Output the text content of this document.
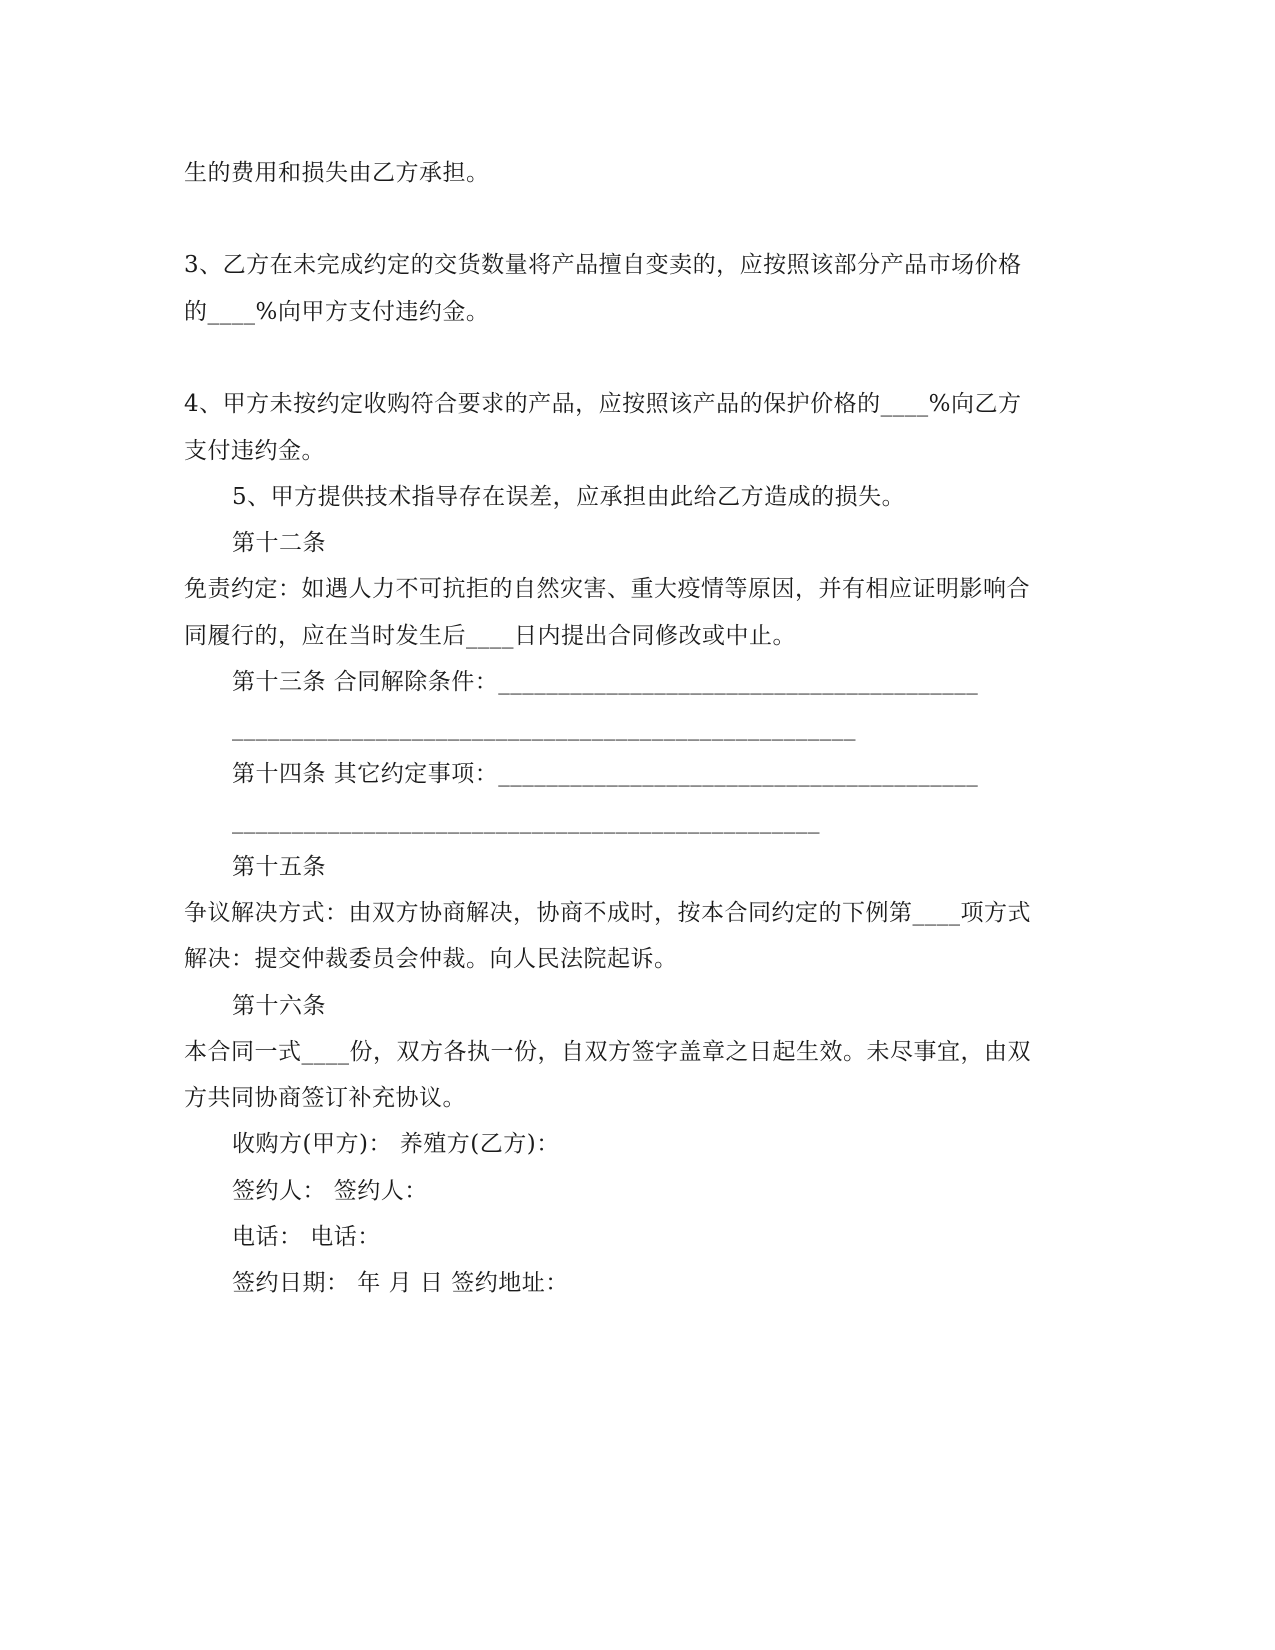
生的费用和损失由乙方承担。
3、乙方在未完成约定的交货数量将产品擅自变卖的，应按照该部分产品市场价格
的____%向甲方支付违约金。
4、甲方未按约定收购符合要求的产品，应按照该产品的保护价格的____%向乙方
支付违约金。
5、甲方提供技术指导存在误差，应承担由此给乙方造成的损失。
第十二条
免责约定：如遇人力不可抗拒的自然灾害、重大疫情等原因，并有相应证明影响合
同履行的，应在当时发生后____日内提出合同修改或中止。
第十三条 合同解除条件：________________________________________
____________________________________________________
第十四条 其它约定事项：________________________________________
_________________________________________________
第十五条
争议解决方式：由双方协商解决，协商不成时，按本合同约定的下例第____项方式
解决：提交仲裁委员会仲裁。向人民法院起诉。
第十六条
本合同一式____份，双方各执一份，自双方签字盖章之日起生效。未尽事宜，由双
方共同协商签订补充协议。
收购方(甲方)： 养殖方(乙方)：
签约人： 签约人：
电话： 电话：
签约日期： 年 月 日 签约地址：
